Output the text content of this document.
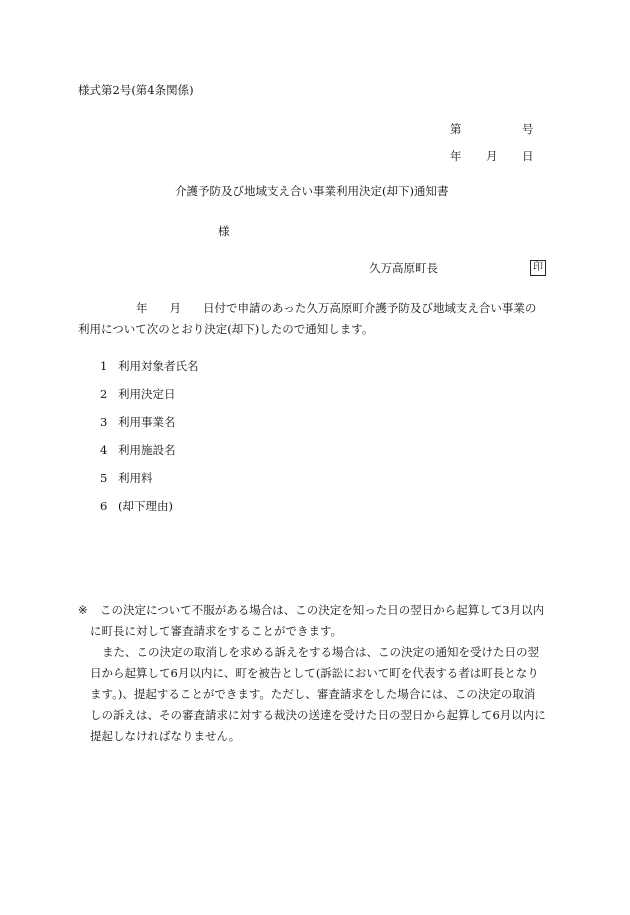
様式第2号(第4条関係)
第	号
年 月 日
介護予防及び地域支え合い事業利用決定(却下)通知書
様
久万高原町長	印
年 月 日付で申請のあった久万高原町介護予防及び地域支え合い事業の
利用について次のとおり決定(却下)したので通知します。
1 利用対象者氏名
2 利用決定日
3 利用事業名
4 利用施設名
5 利用料
6 (却下理由)
※ この決定について不服がある場合は、この決定を知った日の翌日から起算して3月以内
に町長に対して審査請求をすることができます。
また、この決定の取消しを求める訴えをする場合は、この決定の通知を受けた日の翌
日から起算して6月以内に、町を被告として(訴訟において町を代表する者は町長となり
ます。)、提起することができます。ただし、審査請求をした場合には、この決定の取消
しの訴えは、その審査請求に対する裁決の送達を受けた日の翌日から起算して6月以内に
提起しなければなりません。
